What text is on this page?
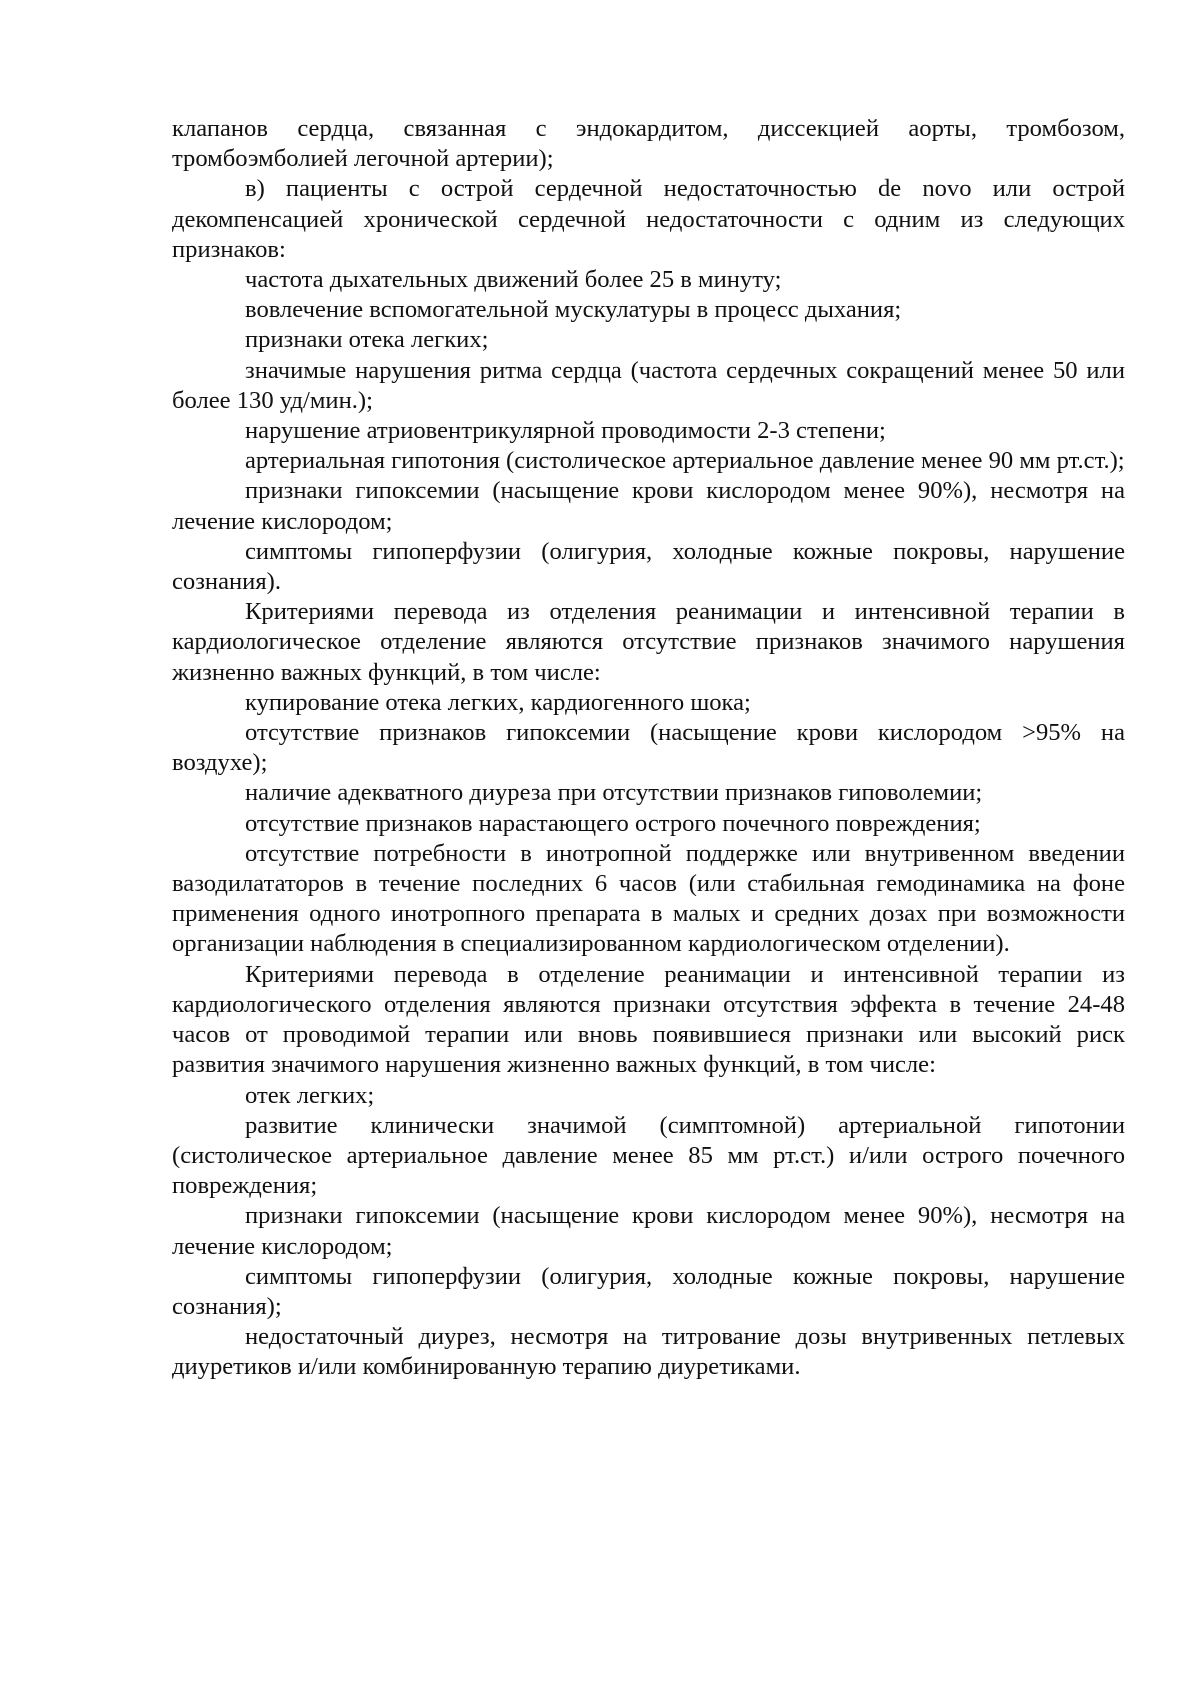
клапанов сердца, связанная с эндокардитом, диссекцией аорты, тромбозом, тромбоэмболией легочной артерии);

в) пациенты с острой сердечной недостаточностью de novo или острой декомпенсацией хронической сердечной недостаточности с одним из следующих признаков:

частота дыхательных движений более 25 в минуту;

вовлечение вспомогательной мускулатуры в процесс дыхания;

признаки отека легких;

значимые нарушения ритма сердца (частота сердечных сокращений менее 50 или более 130 уд/мин.);

нарушение атриовентрикулярной проводимости 2-3 степени;

артериальная гипотония (систолическое артериальное давление менее 90 мм рт.ст.);

признаки гипоксемии (насыщение крови кислородом менее 90%), несмотря на лечение кислородом;

симптомы гипоперфузии (олигурия, холодные кожные покровы, нарушение сознания).

Критериями перевода из отделения реанимации и интенсивной терапии в кардиологическое отделение являются отсутствие признаков значимого нарушения жизненно важных функций, в том числе:

купирование отека легких, кардиогенного шока;

отсутствие признаков гипоксемии (насыщение крови кислородом >95% на воздухе);

наличие адекватного диуреза при отсутствии признаков гиповолемии;

отсутствие признаков нарастающего острого почечного повреждения;

отсутствие потребности в инотропной поддержке или внутривенном введении вазодилататоров в течение последних 6 часов (или стабильная гемодинамика на фоне применения одного инотропного препарата в малых и средних дозах при возможности организации наблюдения в специализированном кардиологическом отделении).

Критериями перевода в отделение реанимации и интенсивной терапии из кардиологического отделения являются признаки отсутствия эффекта в течение 24-48 часов от проводимой терапии или вновь появившиеся признаки или высокий риск развития значимого нарушения жизненно важных функций, в том числе:

отек легких;

развитие клинически значимой (симптомной) артериальной гипотонии (систолическое артериальное давление менее 85 мм рт.ст.) и/или острого почечного повреждения;

признаки гипоксемии (насыщение крови кислородом менее 90%), несмотря на лечение кислородом;

симптомы гипоперфузии (олигурия, холодные кожные покровы, нарушение сознания);

недостаточный диурез, несмотря на титрование дозы внутривенных петлевых диуретиков и/или комбинированную терапию диуретиками.
